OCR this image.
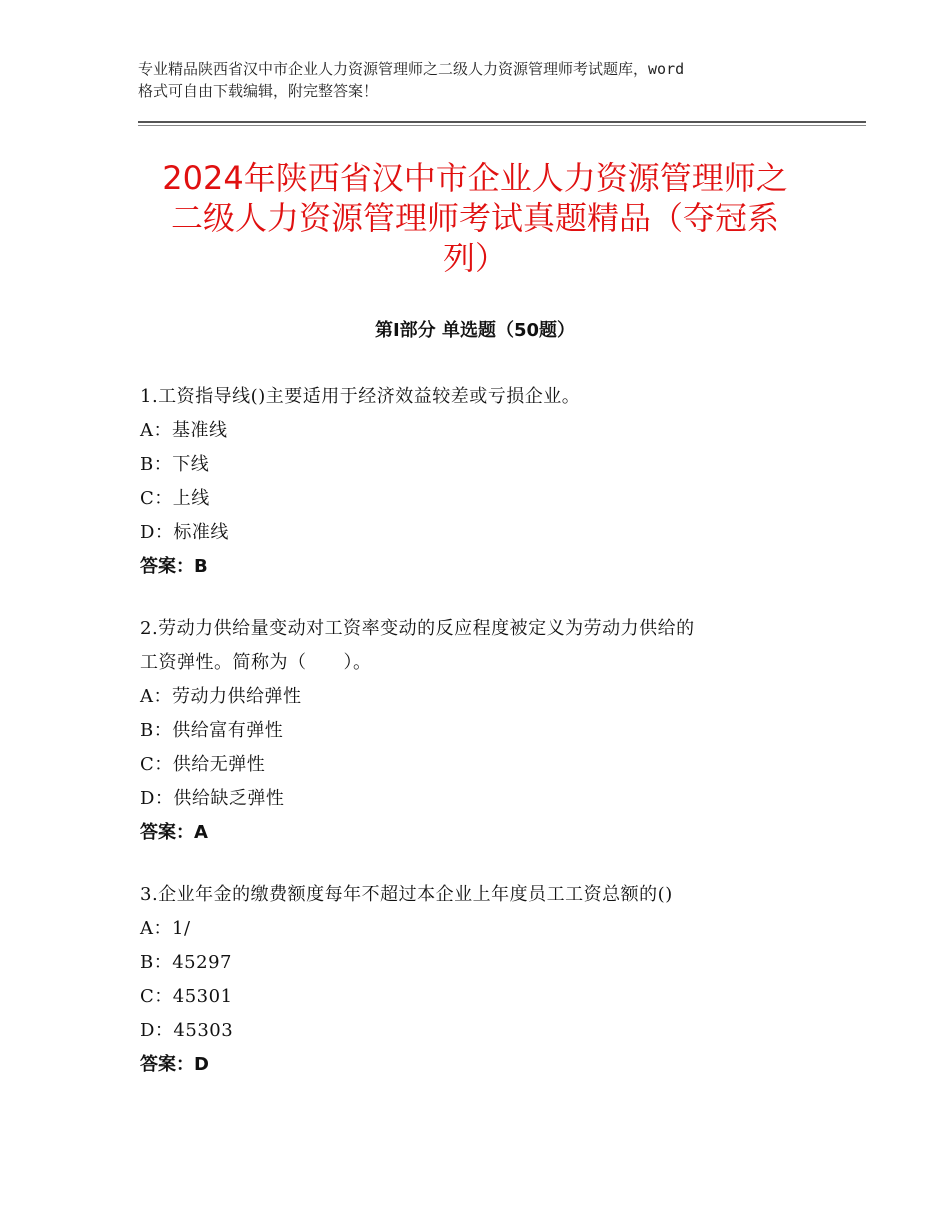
专业精品陕西省汉中市企业人力资源管理师之二级人力资源管理师考试题库，word
格式可自由下载编辑，附完整答案！
2024年陕西省汉中市企业人力资源管理师之
二级人力资源管理师考试真题精品（夺冠系
列）
第Ⅰ部分 单选题（50题）
1.工资指导线()主要适用于经济效益较差或亏损企业。
A：基准线
B：下线
C：上线
D：标准线
答案：B
2.劳动力供给量变动对工资率变动的反应程度被定义为劳动力供给的
工资弹性。简称为（　　）。
A：劳动力供给弹性
B：供给富有弹性
C：供给无弹性
D：供给缺乏弹性
答案：A
3.企业年金的缴费额度每年不超过本企业上年度员工工资总额的()
A：1/
B：45297
C：45301
D：45303
答案：D
